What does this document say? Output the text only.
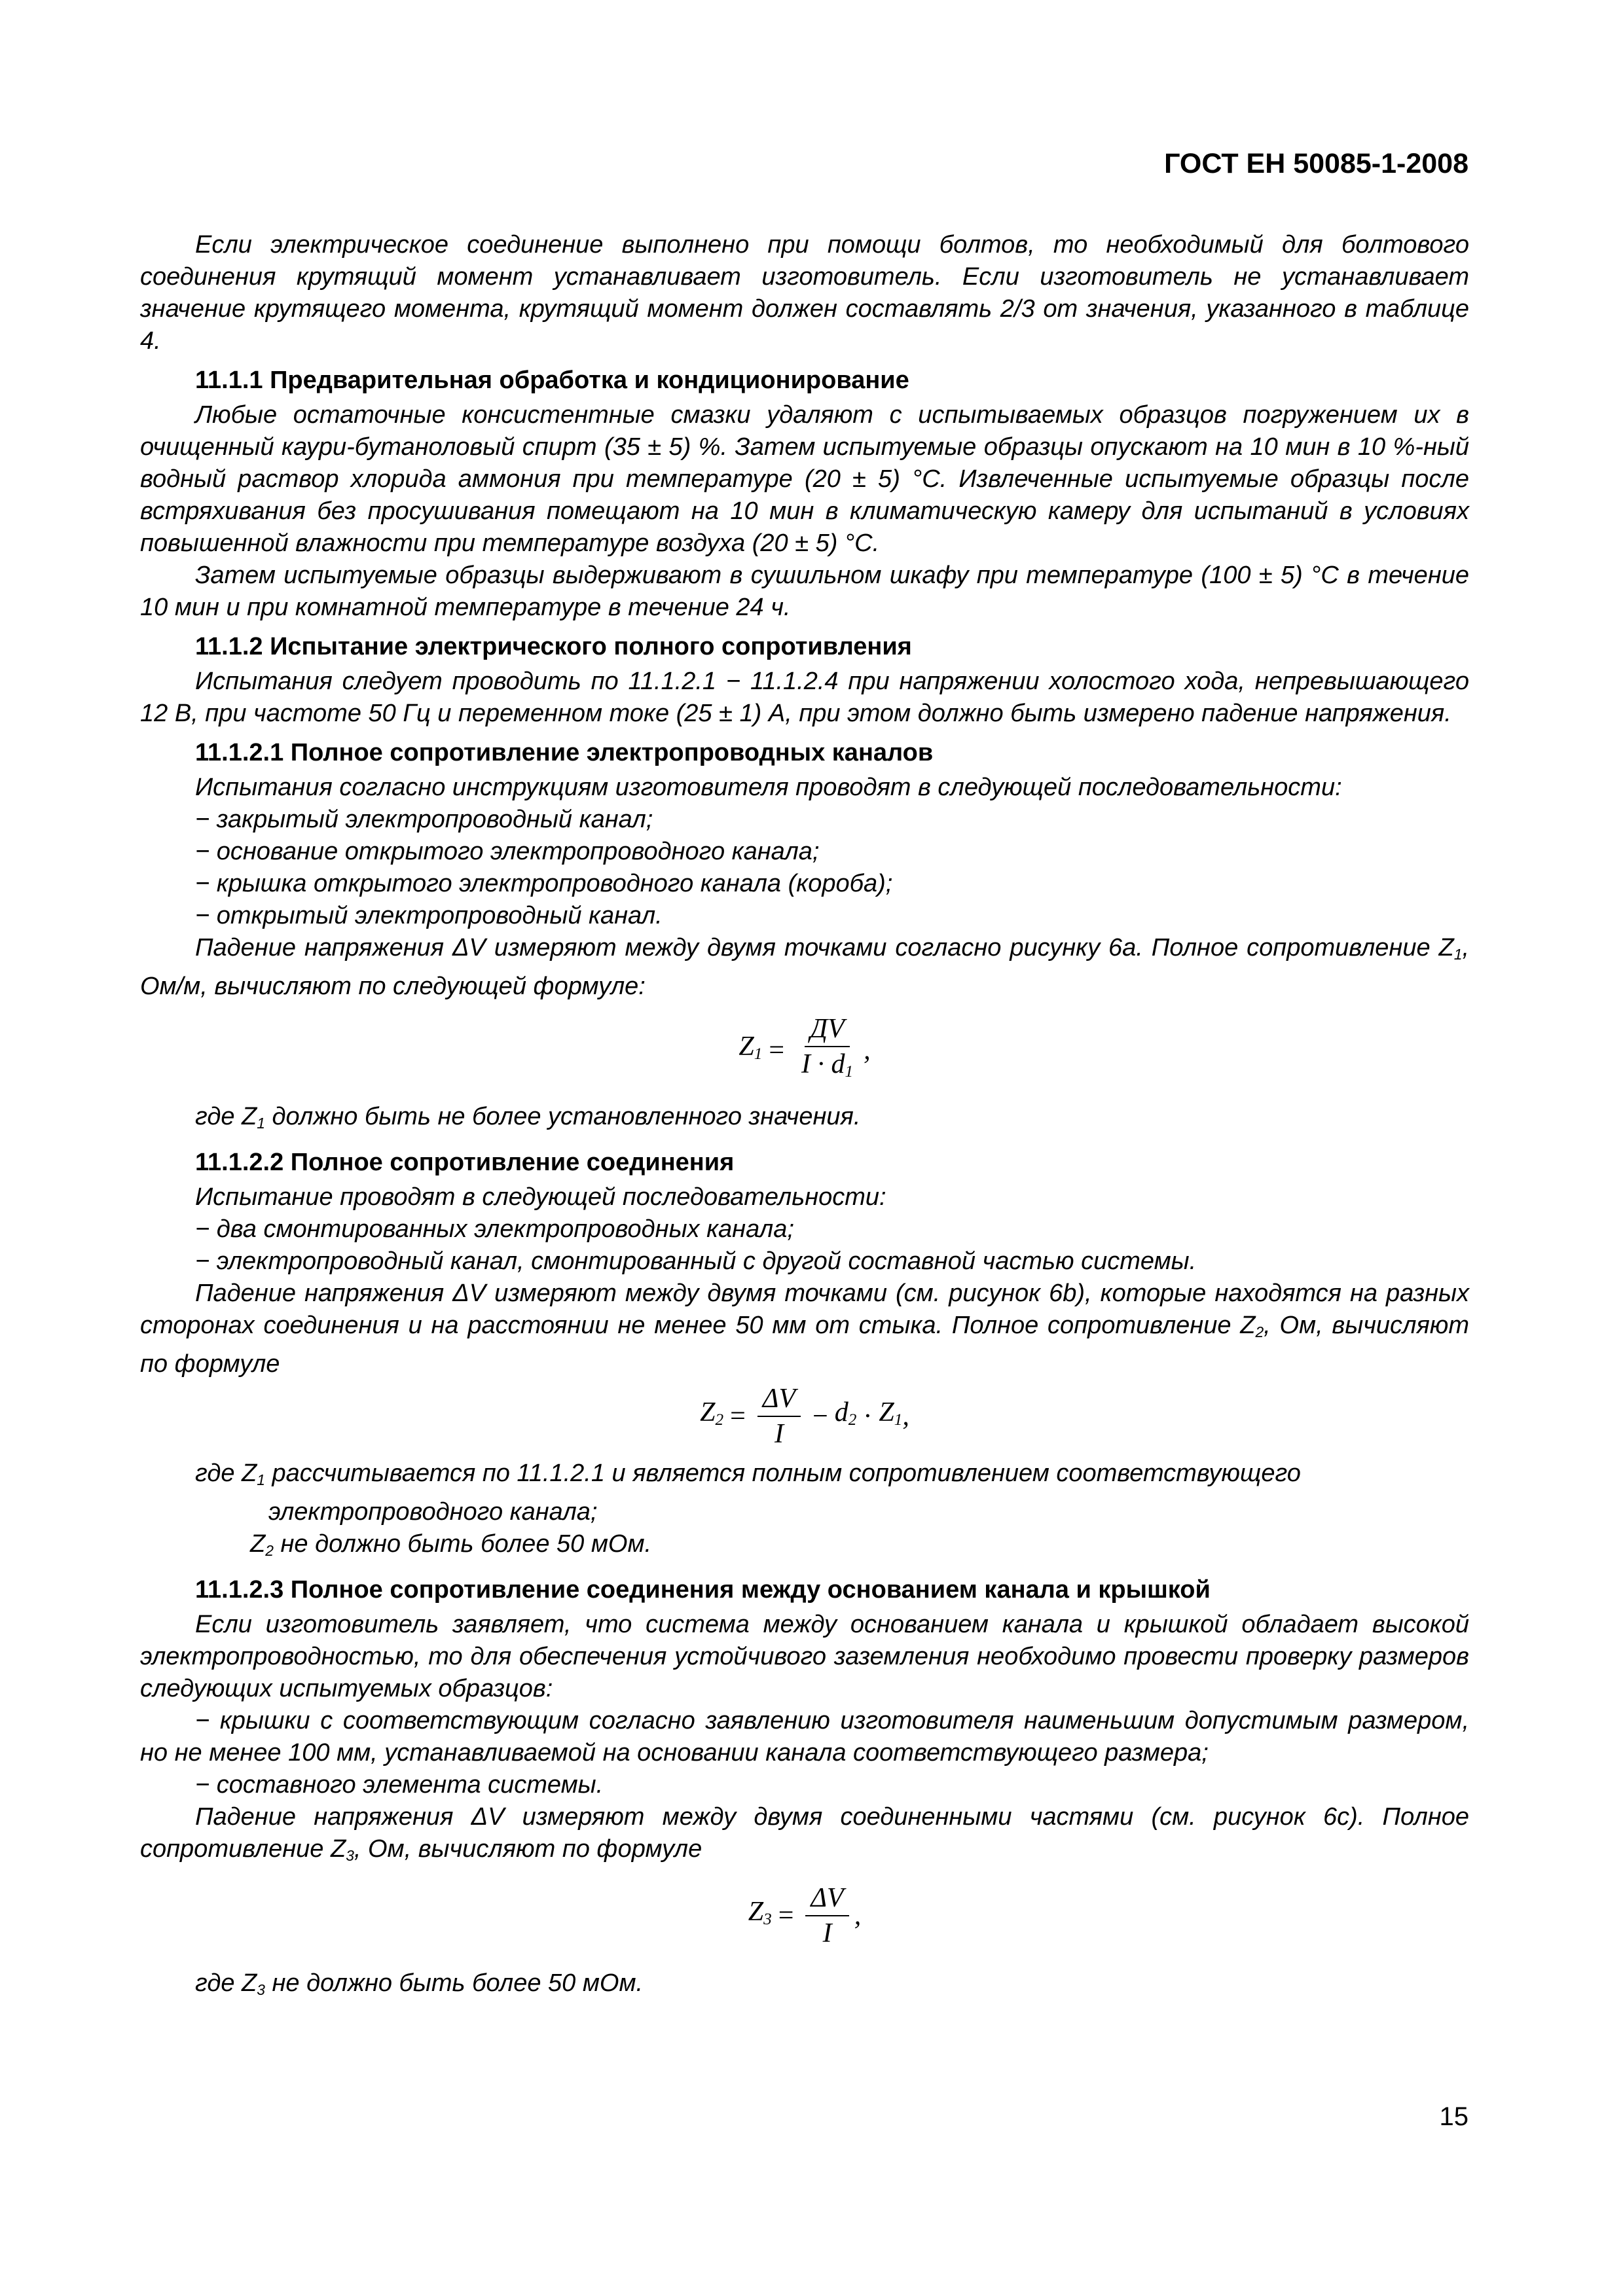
ГОСТ ЕН 50085-1-2008

Если электрическое соединение выполнено при помощи болтов, то необходимый для болтового соединения крутящий момент устанавливает изготовитель. Если изготовитель не устанавливает значение крутящего момента, крутящий момент должен составлять 2/3 от значения, указанного в таблице 4.

11.1.1 Предварительная обработка и кондиционирование

Любые остаточные консистентные смазки удаляют с испытываемых образцов погружением их в очищенный каури-бутаноловый спирт (35 ± 5) %. Затем испытуемые образцы опускают на 10 мин в 10 %-ный водный раствор хлорида аммония при температуре (20 ± 5) °С. Извлеченные испытуемые образцы после встряхивания без просушивания помещают на 10 мин в климатическую камеру для испытаний в условиях повышенной влажности при температуре воздуха (20 ± 5) °С.

Затем испытуемые образцы выдерживают в сушильном шкафу при температуре (100 ± 5) °С в течение 10 мин и при комнатной температуре в течение 24 ч.

11.1.2 Испытание электрического полного сопротивления

Испытания следует проводить по 11.1.2.1 − 11.1.2.4 при напряжении холостого хода, непревышающего 12 В, при частоте 50 Гц и переменном токе (25 ± 1) А, при этом должно быть измерено падение напряжения.

11.1.2.1 Полное сопротивление электропроводных каналов

Испытания согласно инструкциям изготовителя проводят в следующей последовательности:

− закрытый электропроводный канал;

− основание открытого электропроводного канала;

− крышка открытого электропроводного канала (короба);

− открытый электропроводный канал.

Падение напряжения ΔV измеряют между двумя точками согласно рисунку 6а. Полное сопротивление $Z_1$, Ом/м, вычисляют по следующей формуле:

$Z_1 = \frac{ДV}{I \cdot d_1}$ ,

где $Z_1$ должно быть не более установленного значения.

11.1.2.2 Полное сопротивление соединения

Испытание проводят в следующей последовательности:

− два смонтированных электропроводных канала;

− электропроводный канал, смонтированный с другой составной частью системы.

Падение напряжения ΔV измеряют между двумя точками (см. рисунок 6b), которые находятся на разных сторонах соединения и на расстоянии не менее 50 мм от стыка. Полное сопротивление $Z_2$, Ом, вычисляют по формуле

$Z_2 = \frac{\Delta V}{I} - d_2 \cdot Z_1$ ,

где $Z_1$ рассчитывается по 11.1.2.1 и является полным сопротивлением соответствующего

электропроводного канала;

$Z_2$ не должно быть более 50 мОм.

11.1.2.3 Полное сопротивление соединения между основанием канала и крышкой

Если изготовитель заявляет, что система между основанием канала и крышкой обладает высокой электропроводностью, то для обеспечения устойчивого заземления необходимо провести проверку размеров следующих испытуемых образцов:

− крышки с соответствующим согласно заявлению изготовителя наименьшим допустимым размером, но не менее 100 мм, устанавливаемой на основании канала соответствующего размера;

− составного элемента системы.

Падение напряжения ΔV измеряют между двумя соединенными частями (см. рисунок 6с). Полное сопротивление $Z_3$, Ом, вычисляют по формуле

$Z_3 = \frac{\Delta V}{I}$ ,

где $Z_3$ не должно быть более 50 мОм.

15
